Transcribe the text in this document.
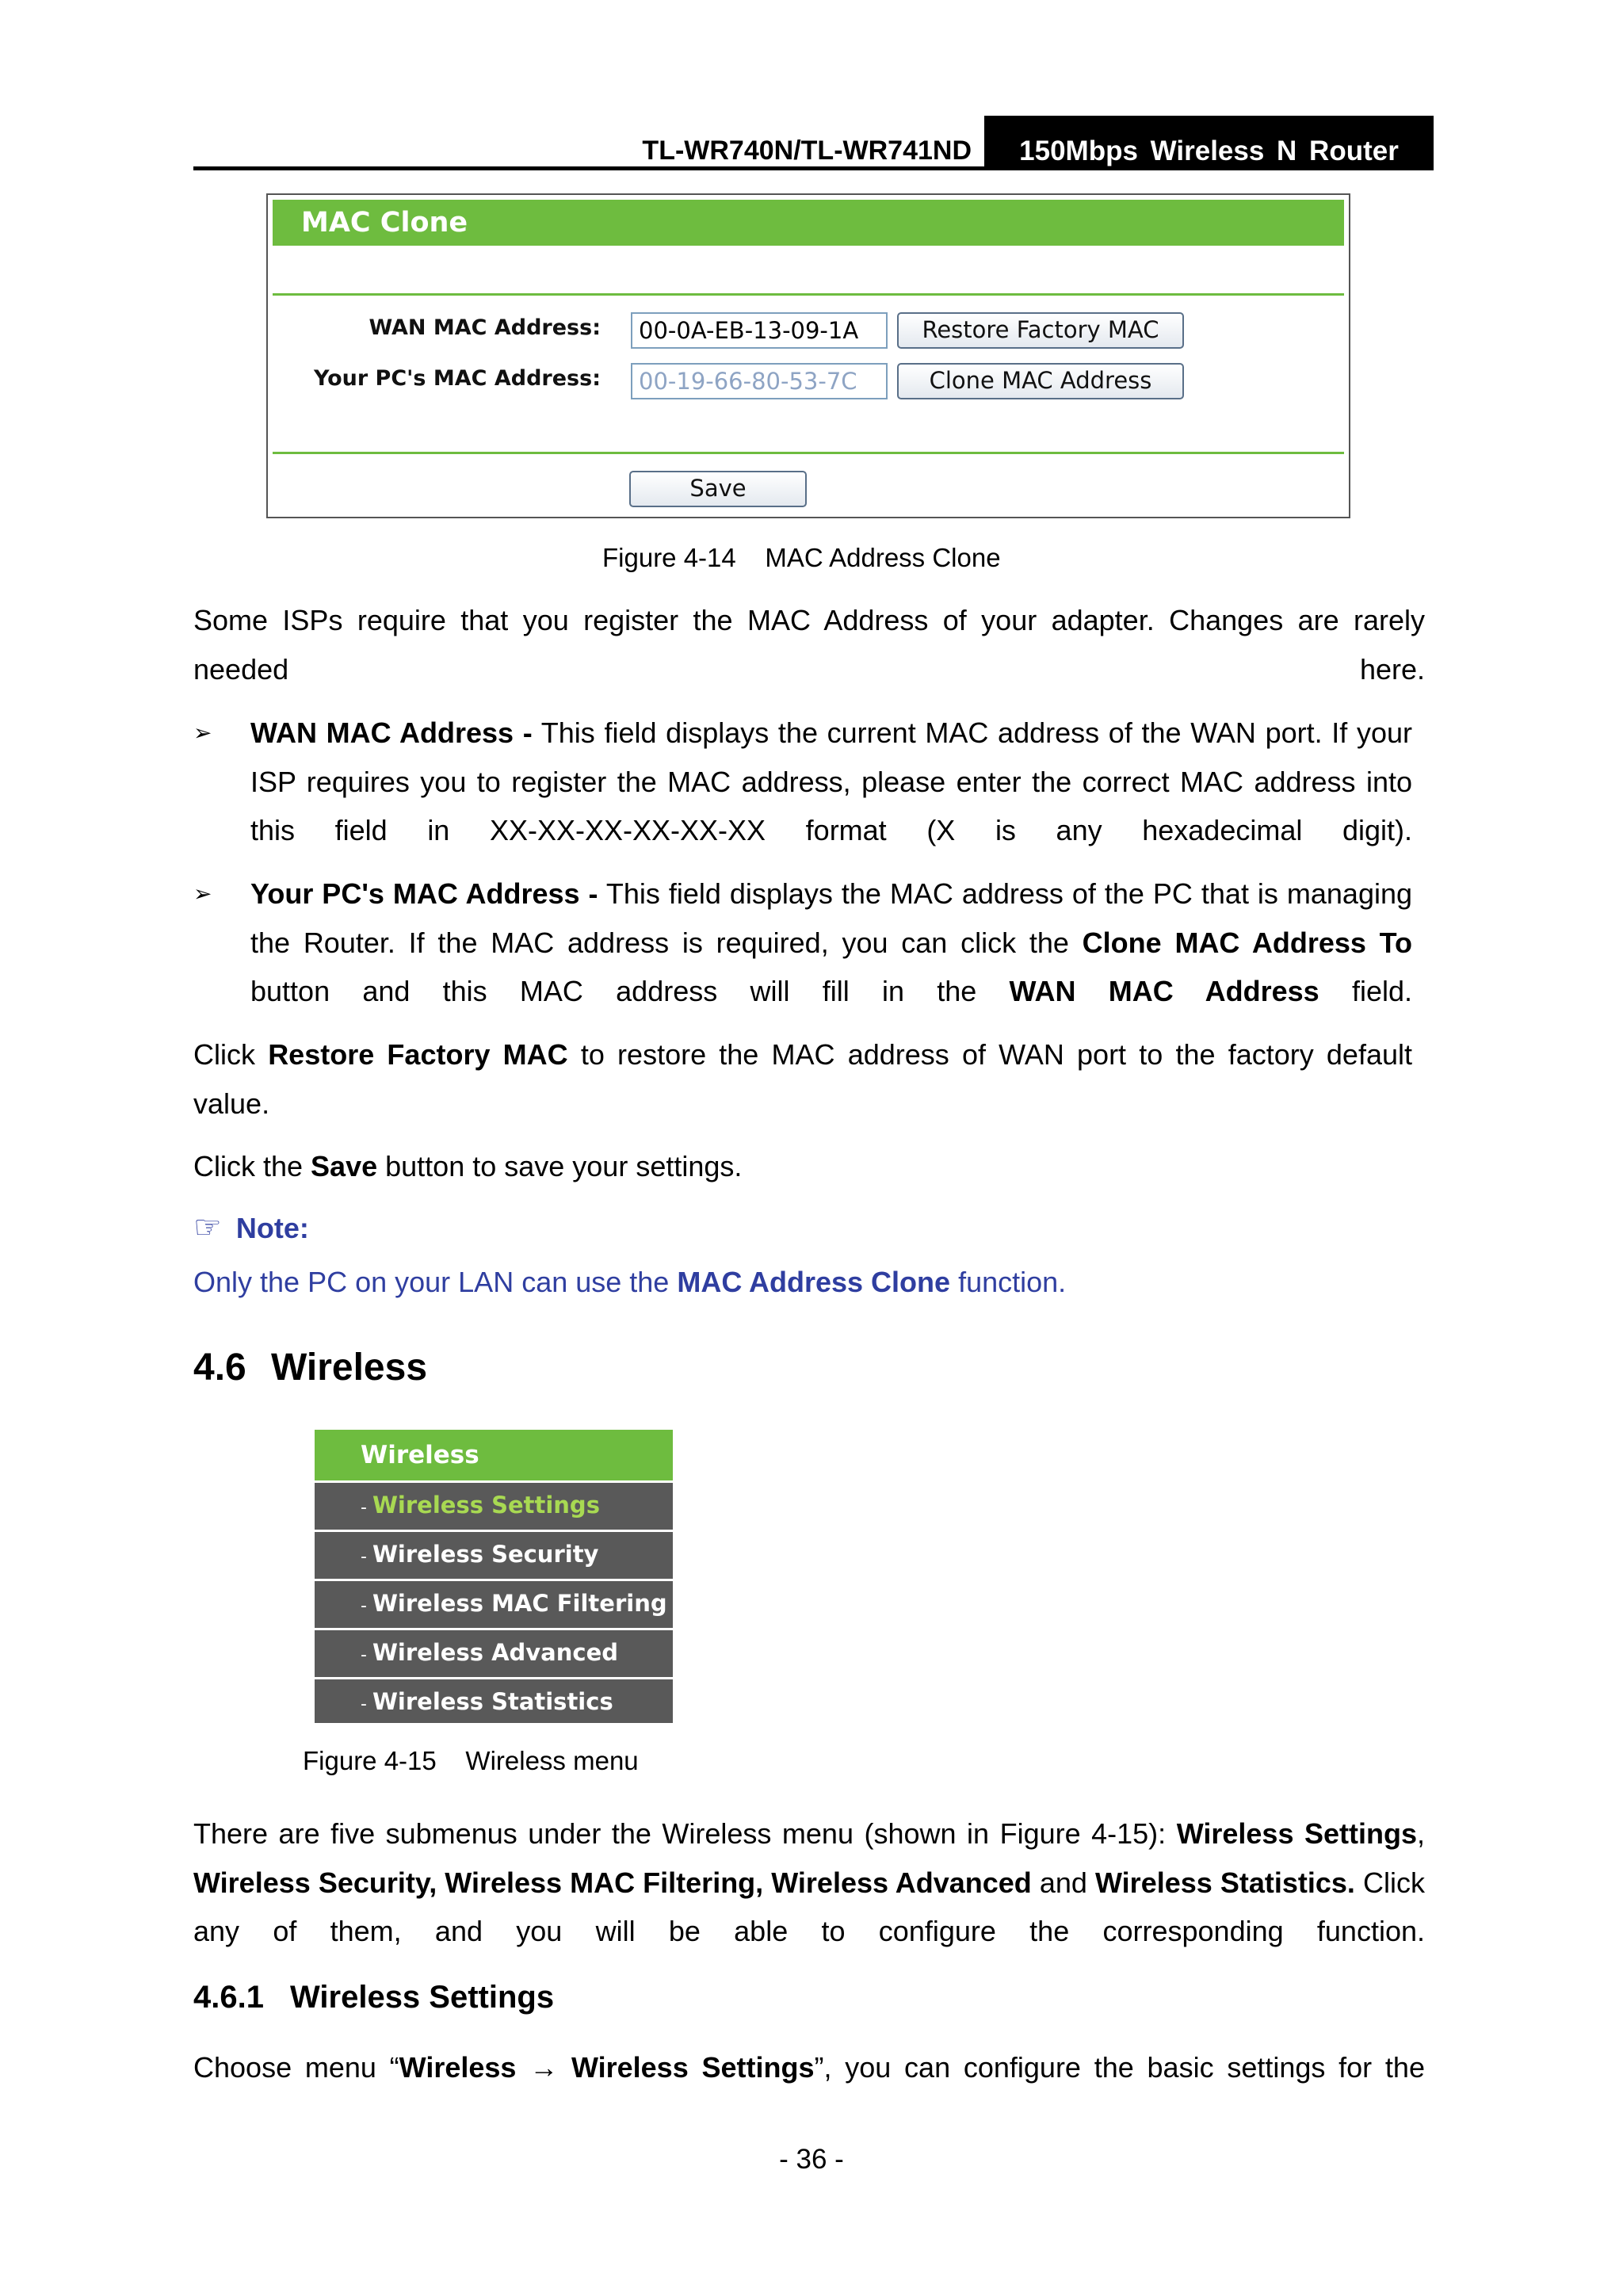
TL-WR740N/TL-WR741ND	150Mbps Wireless N Router
MAC Clone
WAN MAC Address:	00-0A-EB-13-09-1A	Restore Factory MAC
Your PC's MAC Address:	00-19-66-80-53-7C	Clone MAC Address
Save
Figure 4-14    MAC Address Clone
Some ISPs require that you register the MAC Address of your adapter. Changes are rarely needed here.
➢ WAN MAC Address - This field displays the current MAC address of the WAN port. If your ISP requires you to register the MAC address, please enter the correct MAC address into this field in XX-XX-XX-XX-XX-XX format (X is any hexadecimal digit).
➢ Your PC's MAC Address - This field displays the MAC address of the PC that is managing the Router. If the MAC address is required, you can click the Clone MAC Address To button and this MAC address will fill in the WAN MAC Address field.
Click Restore Factory MAC to restore the MAC address of WAN port to the factory default value.
Click the Save button to save your settings.
☞ Note:
Only the PC on your LAN can use the MAC Address Clone function.
4.6 Wireless
Wireless
- Wireless Settings
- Wireless Security
- Wireless MAC Filtering
- Wireless Advanced
- Wireless Statistics
Figure 4-15    Wireless menu
There are five submenus under the Wireless menu (shown in Figure 4-15): Wireless Settings, Wireless Security, Wireless MAC Filtering, Wireless Advanced and Wireless Statistics. Click any of them, and you will be able to configure the corresponding function.
4.6.1 Wireless Settings
Choose menu “Wireless → Wireless Settings”, you can configure the basic settings for the
- 36 -
